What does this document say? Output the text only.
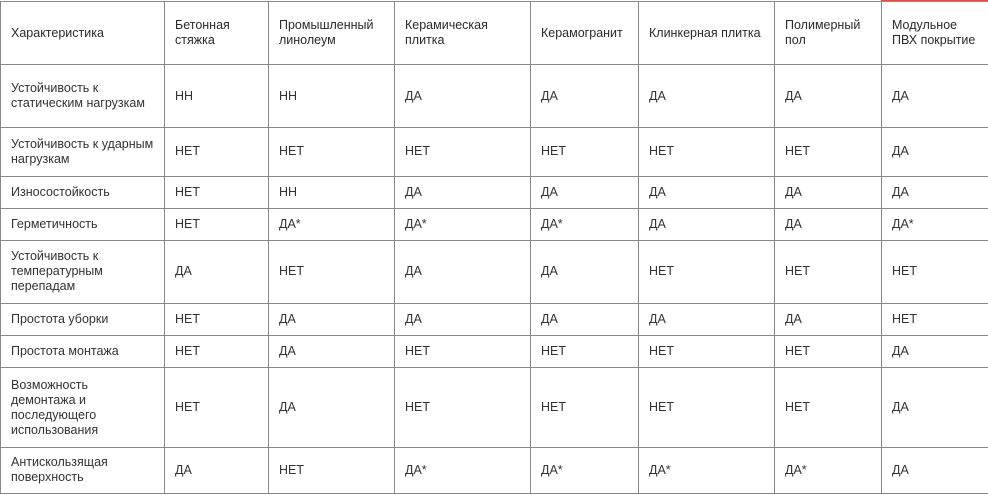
Характеристика	Бетонная стяжка	Промышленный линолеум	Керамическая плитка	Керамогранит	Клинкерная плитка	Полимерный пол	Модульное ПВХ покрытие
Устойчивость к статическим нагрузкам	НН	НН	ДА	ДА	ДА	ДА	ДА
Устойчивость к ударным нагрузкам	НЕТ	НЕТ	НЕТ	НЕТ	НЕТ	НЕТ	ДА
Износостойкость	НЕТ	НН	ДА	ДА	ДА	ДА	ДА
Герметичность	НЕТ	ДА*	ДА*	ДА*	ДА	ДА	ДА*
Устойчивость к температурным перепадам	ДА	НЕТ	ДА	ДА	НЕТ	НЕТ	НЕТ
Простота уборки	НЕТ	ДА	ДА	ДА	ДА	ДА	НЕТ
Простота монтажа	НЕТ	ДА	НЕТ	НЕТ	НЕТ	НЕТ	ДА
Возможность демонтажа и последующего использования	НЕТ	ДА	НЕТ	НЕТ	НЕТ	НЕТ	ДА
Антискользящая поверхность	ДА	НЕТ	ДА*	ДА*	ДА*	ДА*	ДА
